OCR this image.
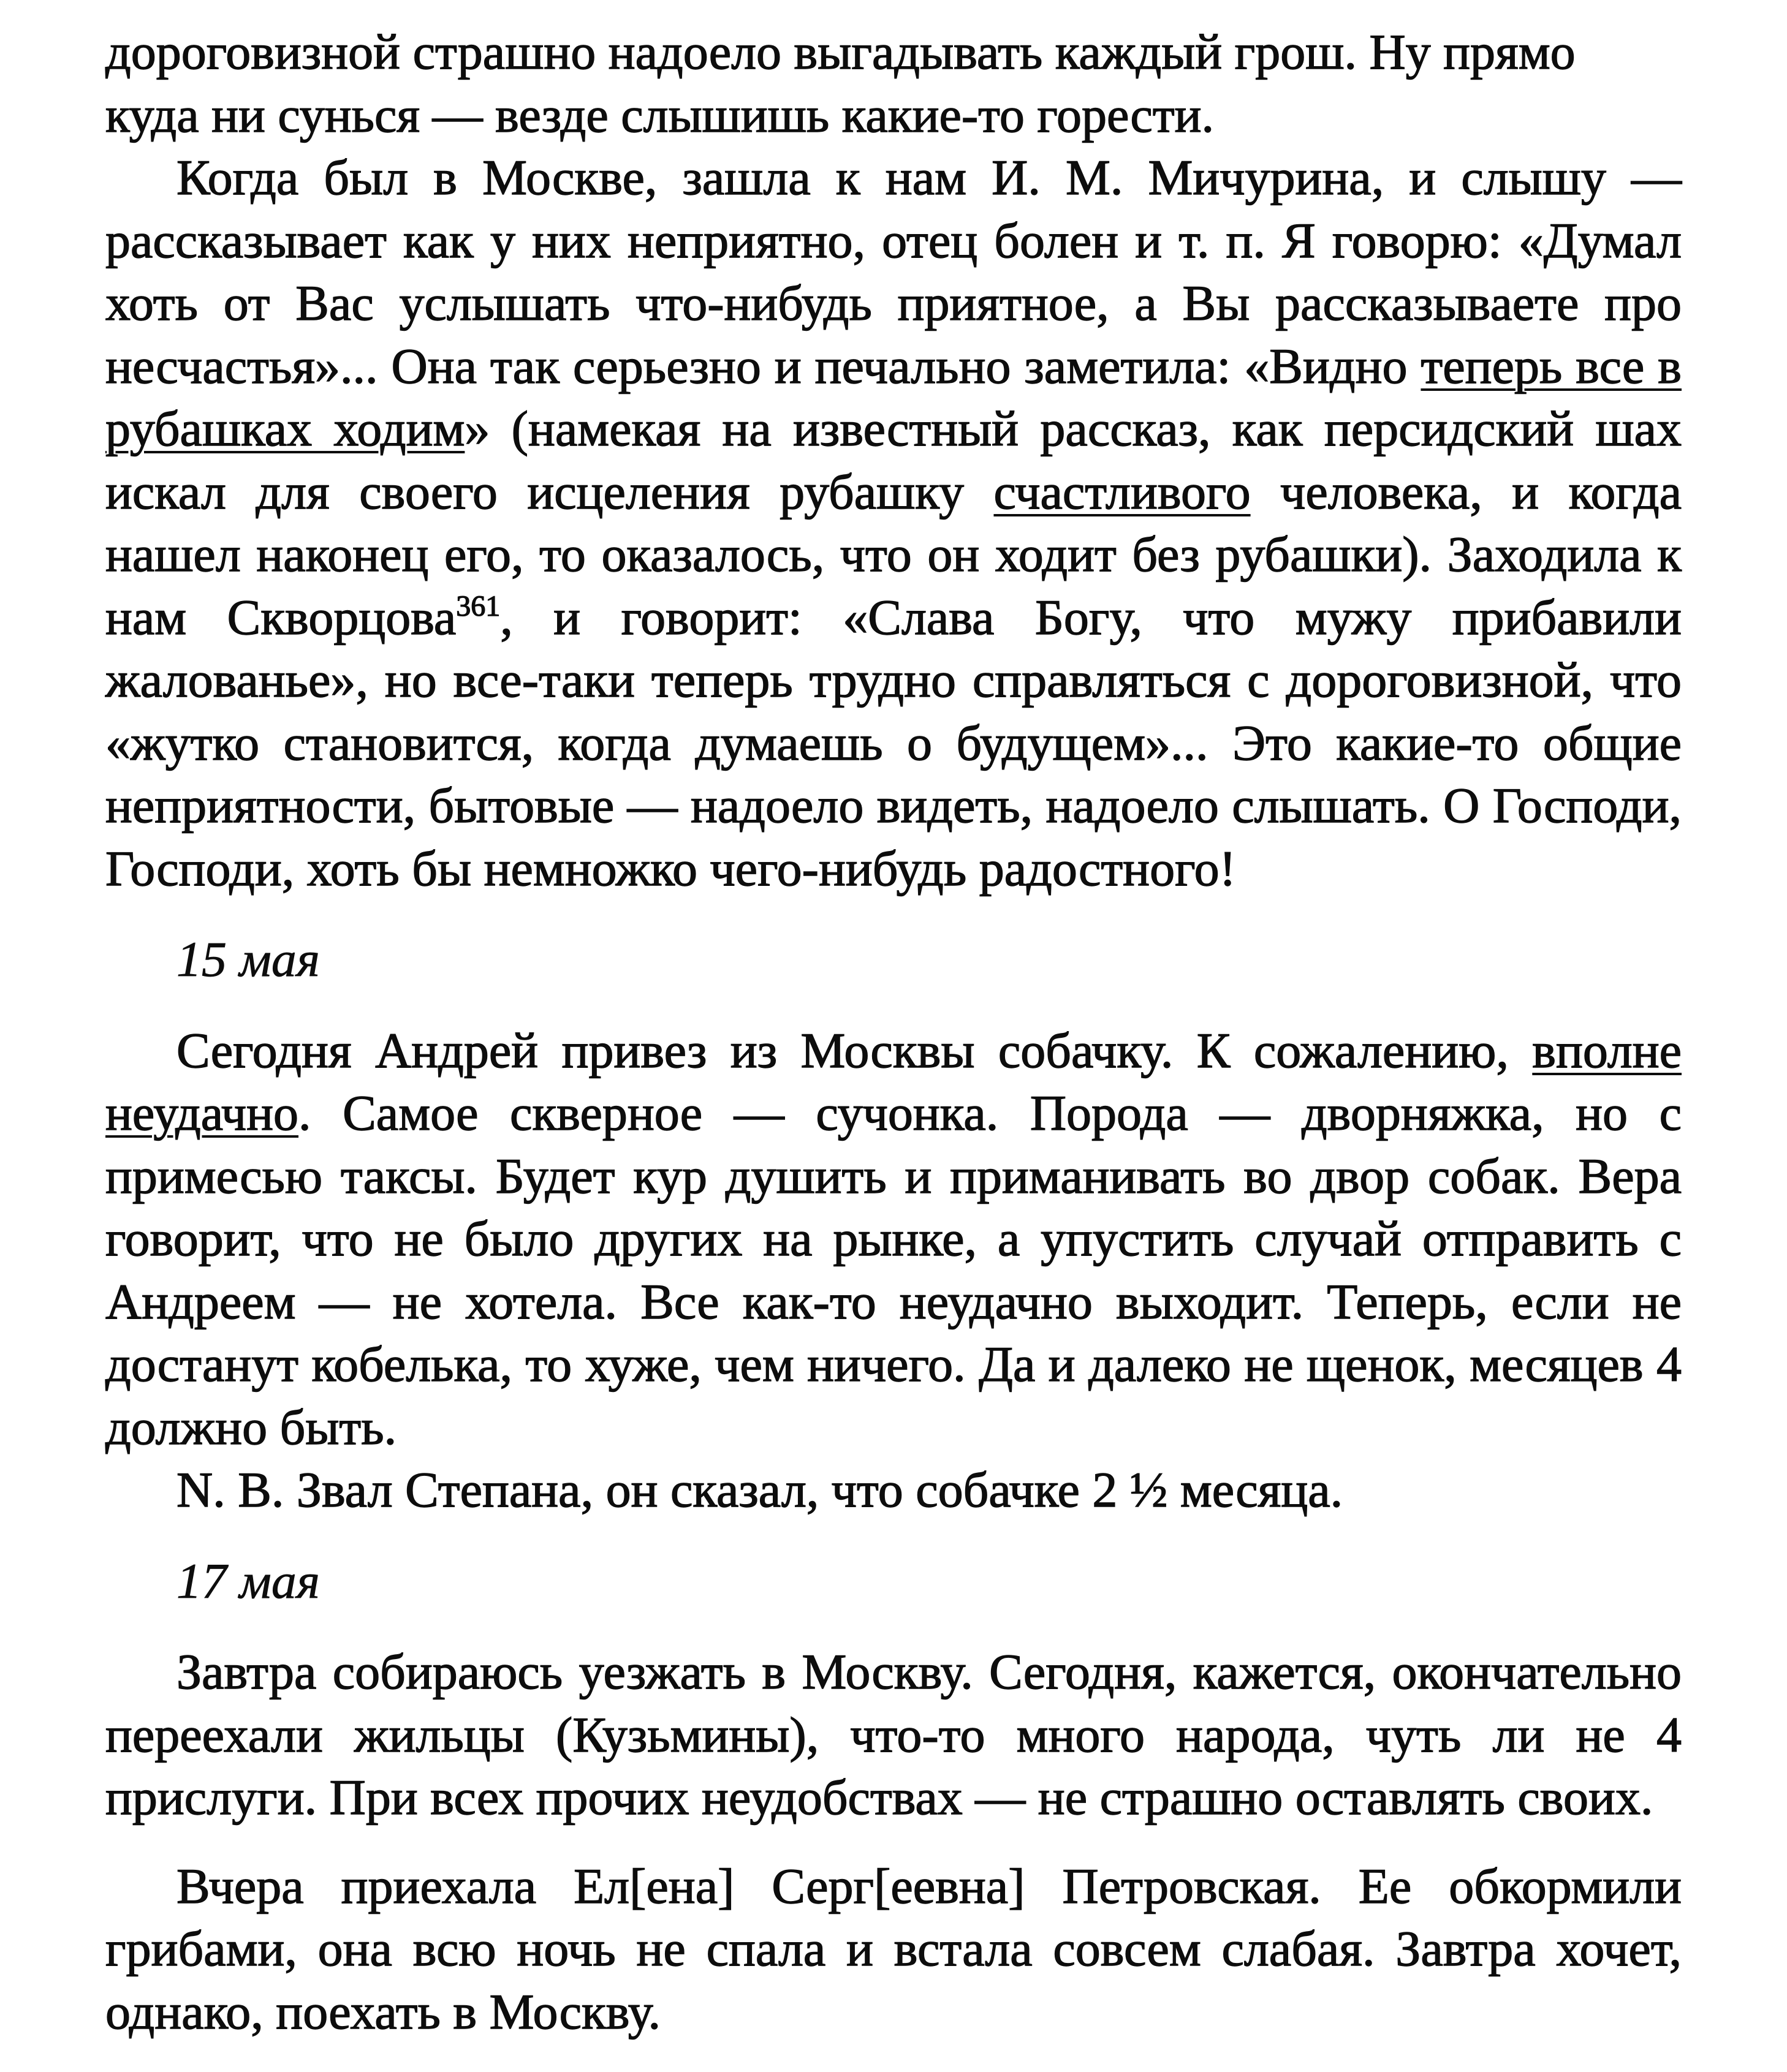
дороговизной страшно надоело выгадывать каждый грош. Ну прямо
куда ни сунься — везде слышишь какие-то горести.

Когда был в Москве, зашла к нам И. М. Мичурина, и слышу — рассказывает как у них неприятно, отец болен и т. п. Я говорю: «Думал хоть от Вас услышать что-нибудь приятное, а Вы рассказываете про несчастья»... Она так серьезно и печально заметила: «Видно теперь все в рубашках ходим» (намекая на известный рассказ, как персидский шах искал для своего исцеления рубашку счастливого человека, и когда нашел наконец его, то оказалось, что он ходит без рубашки). Заходила к нам Скворцова$^{361}$, и говорит: «Слава Богу, что мужу прибавили жалованье», но все-таки теперь трудно справляться с дороговизной, что «жутко становится, когда думаешь о будущем»... Это какие-то общие неприятности, бытовые — надоело видеть, надоело слышать. О Господи, Господи, хоть бы немножко чего-нибудь радостного!

15 мая

Сегодня Андрей привез из Москвы собачку. К сожалению, вполне неудачно. Самое скверное — сучонка. Порода — дворняжка, но с примесью таксы. Будет кур душить и приманивать во двор собак. Вера говорит, что не было других на рынке, а упустить случай отправить с Андреем — не хотела. Все как-то неудачно выходит. Теперь, если не достанут кобелька, то хуже, чем ничего. Да и далеко не щенок, месяцев 4 должно быть.

N. B. Звал Степана, он сказал, что собачке 2 ½ месяца.

17 мая

Завтра собираюсь уезжать в Москву. Сегодня, кажется, окончательно переехали жильцы (Кузьмины), что-то много народа, чуть ли не 4 прислуги. При всех прочих неудобствах — не страшно оставлять своих.

Вчера приехала Ел[ена] Серг[еевна] Петровская. Ее обкормили грибами, она всю ночь не спала и встала совсем слабая. Завтра хочет, однако, поехать в Москву.
